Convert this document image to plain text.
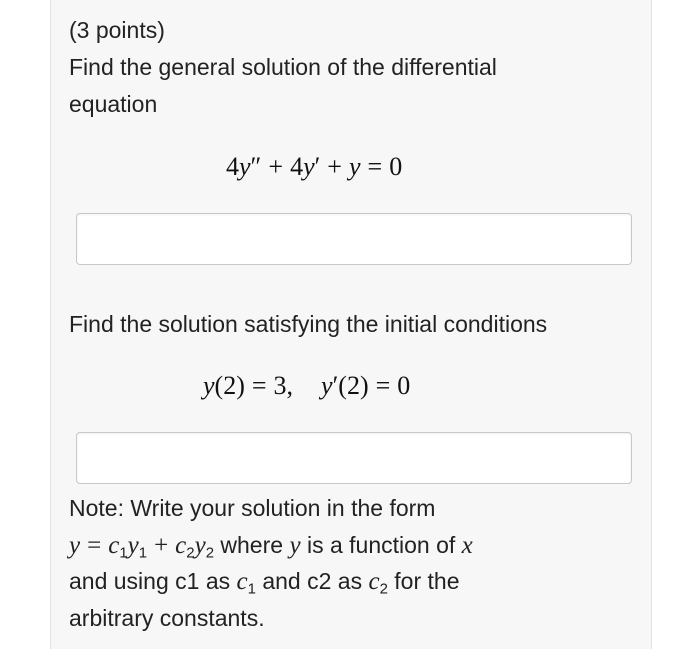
(3 points)
Find the general solution of the differential
equation
4y″ + 4y′ + y = 0
Find the solution satisfying the initial conditions
y(2) = 3, y′(2) = 0
Note: Write your solution in the form
$y = c_1y_1 + c_2y_2$ where y is a function of x
and using c1 as $c_1$ and c2 as $c_2$ for the
arbitrary constants.
